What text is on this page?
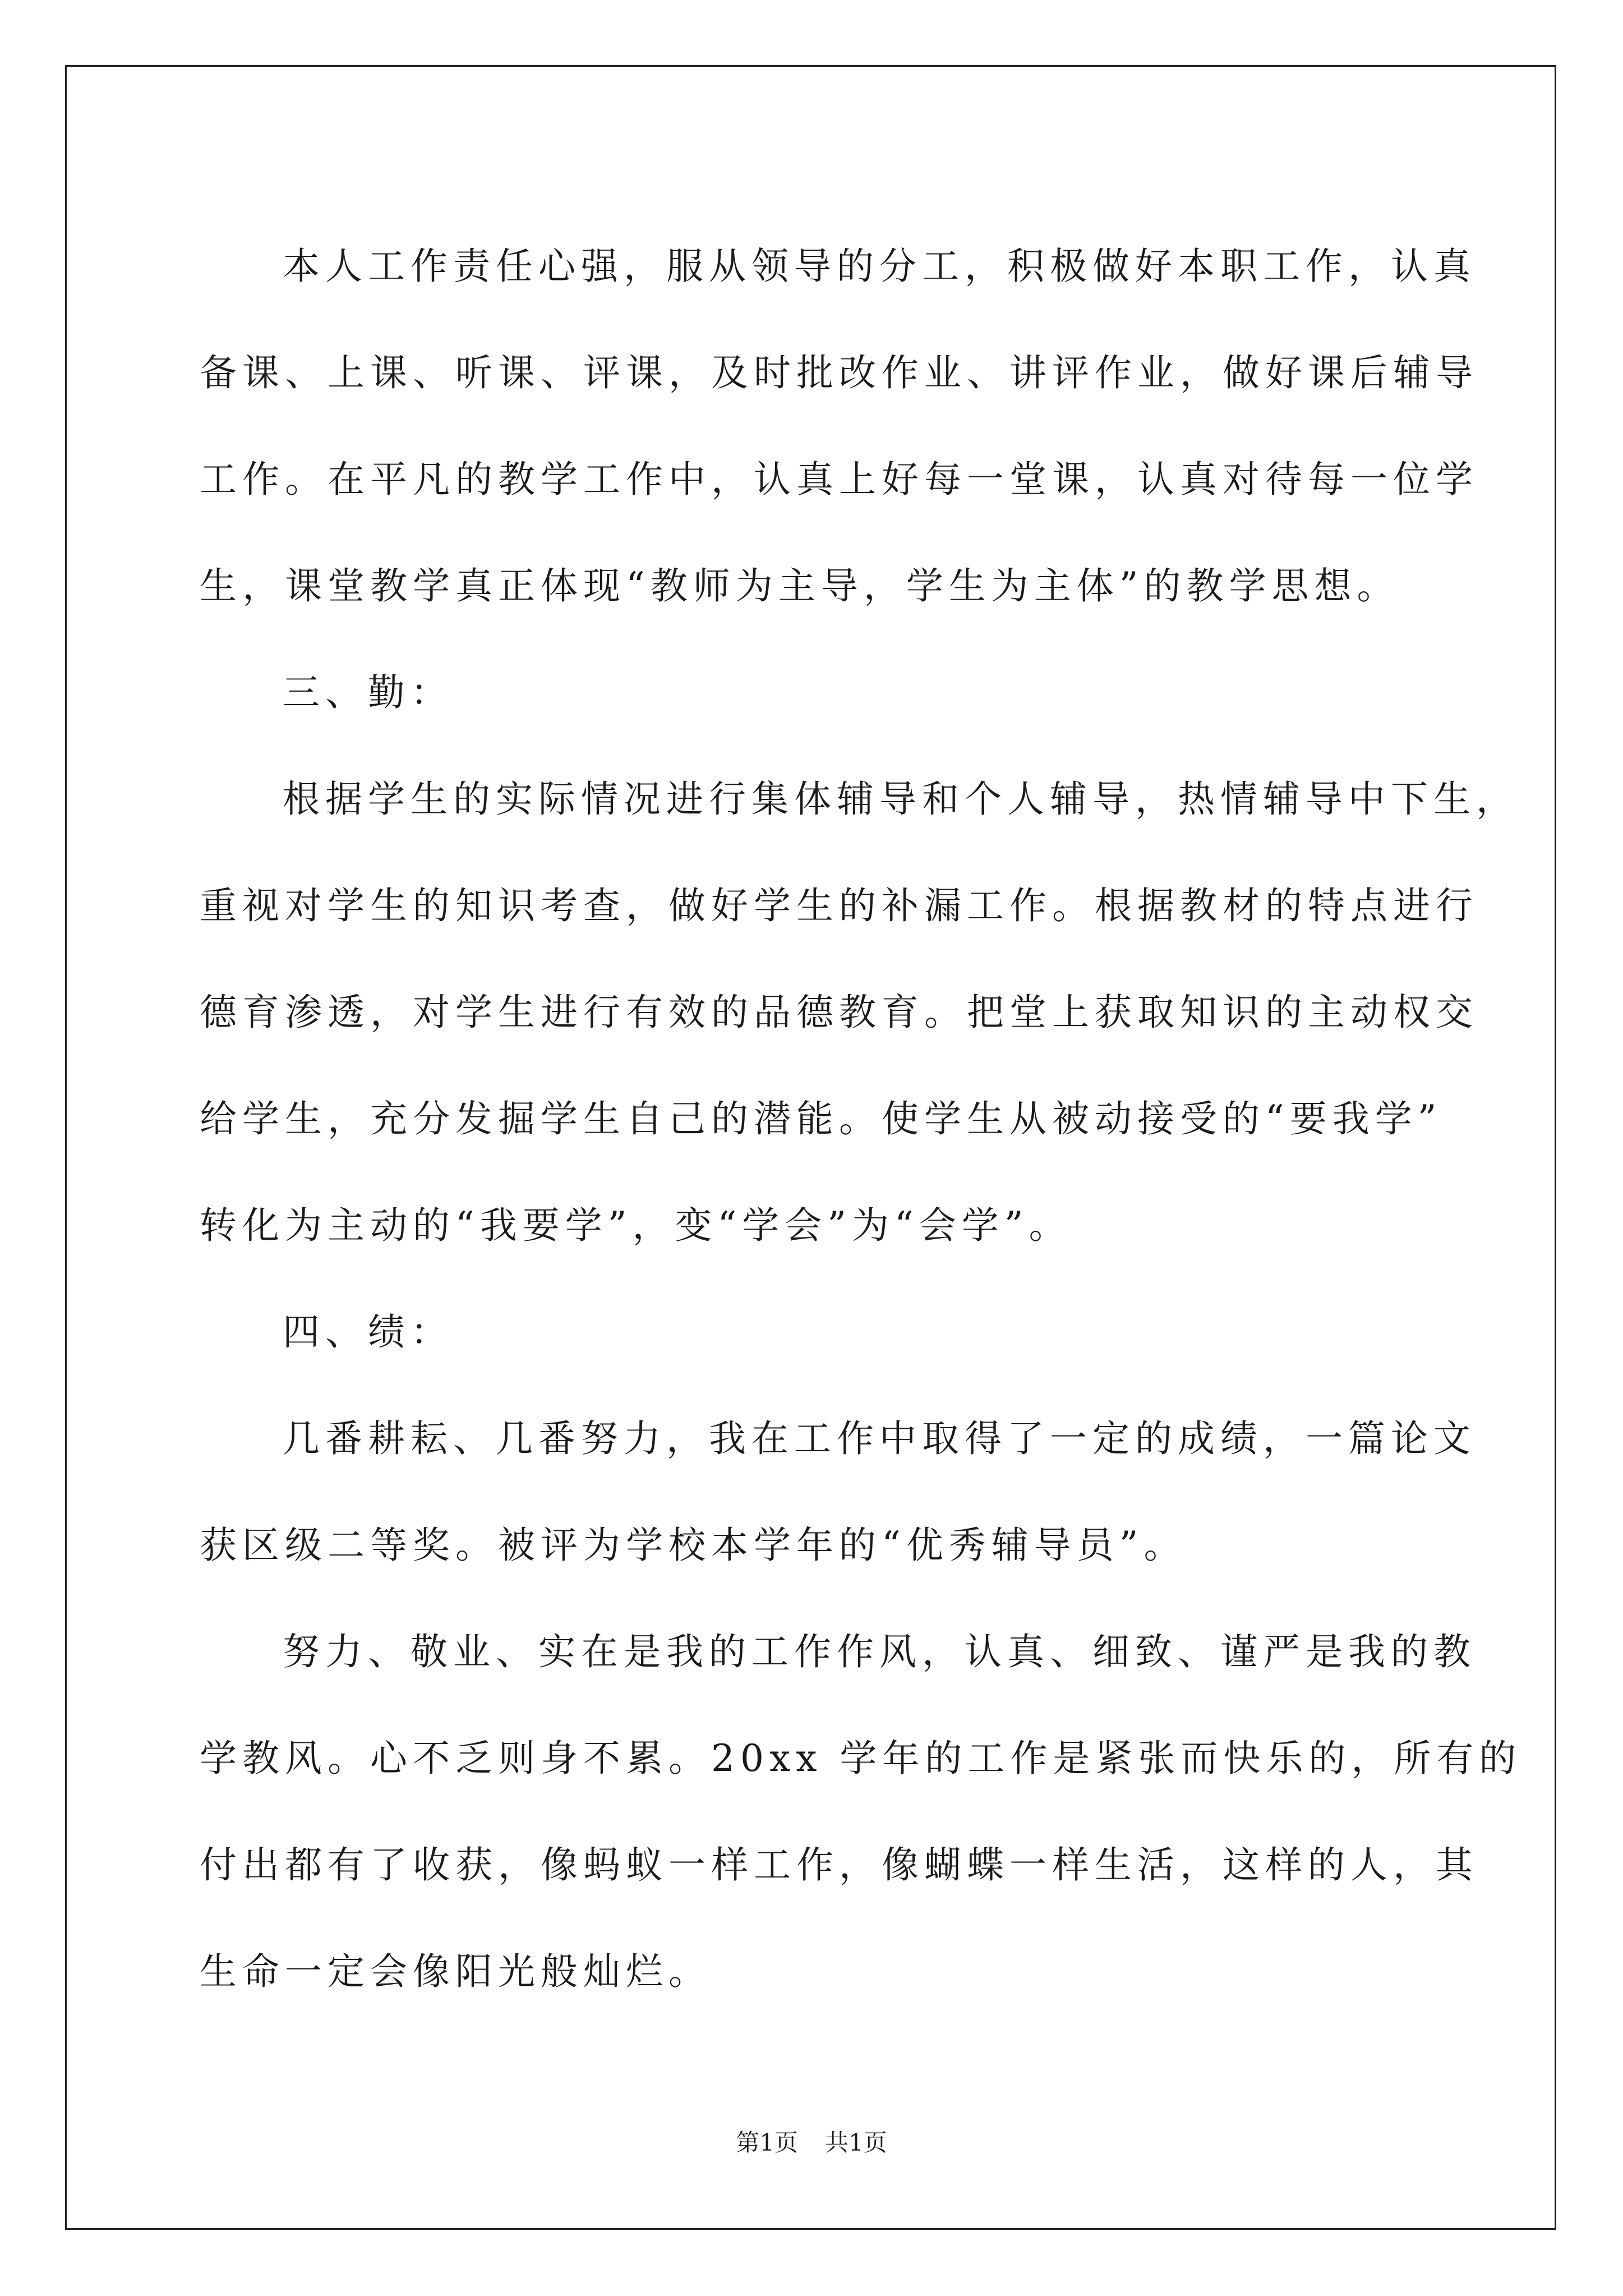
本人工作责任心强，服从领导的分工，积极做好本职工作，认真
备课、上课、听课、评课，及时批改作业、讲评作业，做好课后辅导
工作。在平凡的教学工作中，认真上好每一堂课，认真对待每一位学
生，课堂教学真正体现“教师为主导，学生为主体”的教学思想。
三、勤：
根据学生的实际情况进行集体辅导和个人辅导，热情辅导中下生，
重视对学生的知识考查，做好学生的补漏工作。根据教材的特点进行
德育渗透，对学生进行有效的品德教育。把堂上获取知识的主动权交
给学生，充分发掘学生自己的潜能。使学生从被动接受的“要我学”
转化为主动的“我要学”，变“学会”为“会学”。
四、绩：
几番耕耘、几番努力，我在工作中取得了一定的成绩，一篇论文
获区级二等奖。被评为学校本学年的“优秀辅导员”。
努力、敬业、实在是我的工作作风，认真、细致、谨严是我的教
学教风。心不乏则身不累。20xx 学年的工作是紧张而快乐的，所有的
付出都有了收获，像蚂蚁一样工作，像蝴蝶一样生活，这样的人，其
生命一定会像阳光般灿烂。
第1页 共1页
